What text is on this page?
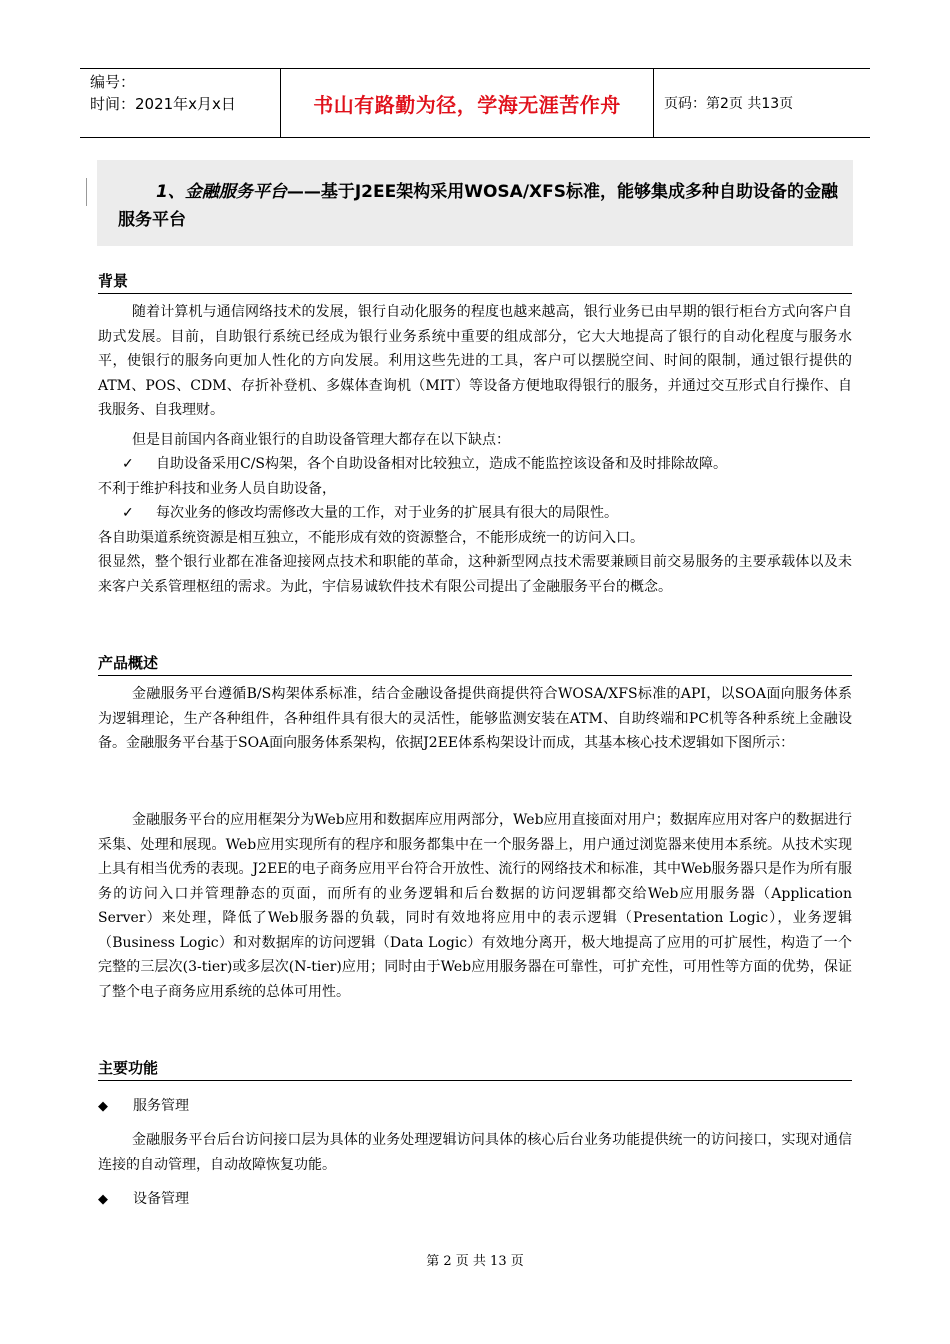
编号：
时间：2021年x月x日	书山有路勤为径，学海无涯苦作舟	页码：第2页 共13页
1、金融服务平台——基于J2EE架构采用WOSA/XFS标准，能够集成多种自助设备的金融服务平台
背景
随着计算机与通信网络技术的发展，银行自动化服务的程度也越来越高，银行业务已由早期的银行柜台方式向客户自助式发展。目前，自助银行系统已经成为银行业务系统中重要的组成部分，它大大地提高了银行的自动化程度与服务水平，使银行的服务向更加人性化的方向发展。利用这些先进的工具，客户可以摆脱空间、时间的限制，通过银行提供的ATM、POS、CDM、存折补登机、多媒体查询机（MIT）等设备方便地取得银行的服务，并通过交互形式自行操作、自我服务、自我理财。
但是目前国内各商业银行的自助设备管理大都存在以下缺点：
✓ 自助设备采用C/S构架，各个自助设备相对比较独立，造成不能监控该设备和及时排除故障。
不利于维护科技和业务人员自助设备，
✓ 每次业务的修改均需修改大量的工作，对于业务的扩展具有很大的局限性。
各自助渠道系统资源是相互独立，不能形成有效的资源整合，不能形成统一的访问入口。
很显然，整个银行业都在准备迎接网点技术和职能的革命，这种新型网点技术需要兼顾目前交易服务的主要承载体以及未来客户关系管理枢纽的需求。为此，宇信易诚软件技术有限公司提出了金融服务平台的概念。
产品概述
金融服务平台遵循B/S构架体系标准，结合金融设备提供商提供符合WOSA/XFS标准的API，以SOA面向服务体系为逻辑理论，生产各种组件，各种组件具有很大的灵活性，能够监测安装在ATM、自助终端和PC机等各种系统上金融设备。金融服务平台基于SOA面向服务体系架构，依据J2EE体系构架设计而成，其基本核心技术逻辑如下图所示：
金融服务平台的应用框架分为Web应用和数据库应用两部分，Web应用直接面对用户；数据库应用对客户的数据进行采集、处理和展现。Web应用实现所有的程序和服务都集中在一个服务器上，用户通过浏览器来使用本系统。从技术实现上具有相当优秀的表现。J2EE的电子商务应用平台符合开放性、流行的网络技术和标准，其中Web服务器只是作为所有服务的访问入口并管理静态的页面，而所有的业务逻辑和后台数据的访问逻辑都交给Web应用服务器（Application Server）来处理，降低了Web服务器的负载，同时有效地将应用中的表示逻辑（Presentation Logic），业务逻辑（Business Logic）和对数据库的访问逻辑（Data Logic）有效地分离开，极大地提高了应用的可扩展性，构造了一个完整的三层次(3-tier)或多层次(N-tier)应用；同时由于Web应用服务器在可靠性，可扩充性，可用性等方面的优势，保证了整个电子商务应用系统的总体可用性。
主要功能
◆ 服务管理
金融服务平台后台访问接口层为具体的业务处理逻辑访问具体的核心后台业务功能提供统一的访问接口，实现对通信连接的自动管理，自动故障恢复功能。
◆ 设备管理
第 2 页 共 13 页
